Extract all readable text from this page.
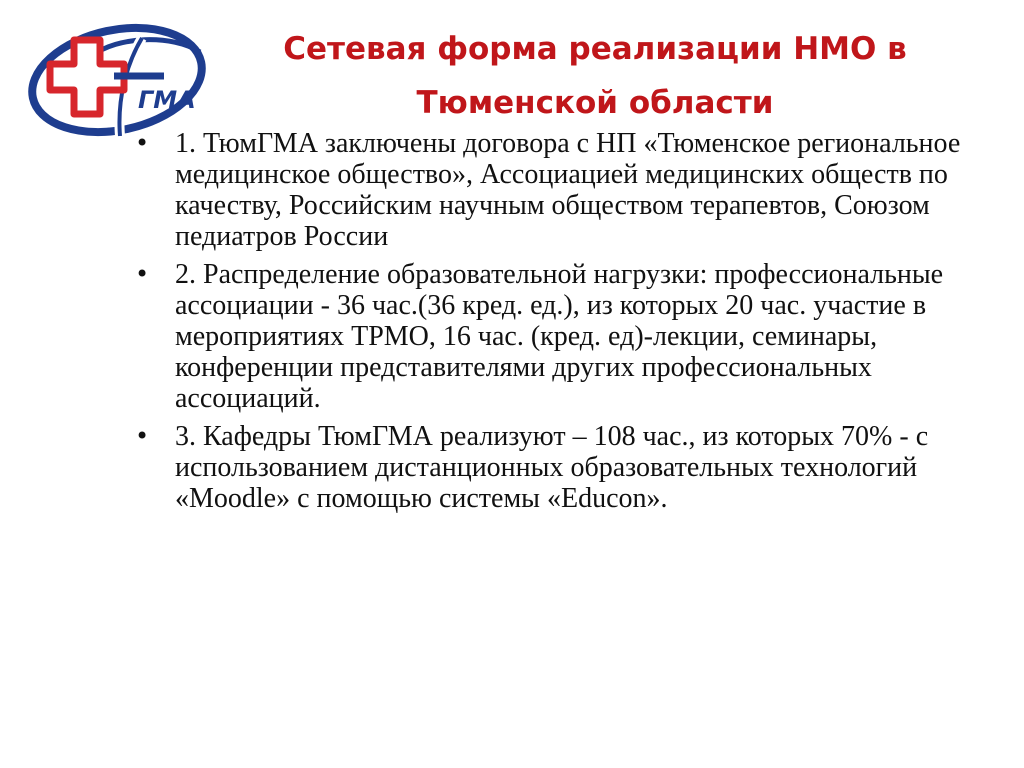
ГМА
Сетевая форма реализации НМО в
Тюменской области
• 1. ТюмГМА заключены договора с НП «Тюменское региональное медицинское общество», Ассоциацией медицинских обществ по качеству, Российским научным обществом терапевтов, Союзом педиатров России
• 2. Распределение образовательной нагрузки: профессиональные ассоциации - 36 час.(36 кред. ед.), из которых 20 час. участие в мероприятиях ТРМО, 16 час. (кред. ед)-лекции, семинары, конференции представителями других профессиональных ассоциаций.
• 3. Кафедры ТюмГМА реализуют – 108 час., из которых 70% - с использованием дистанционных образовательных технологий «Moodle» с помощью системы «Educon».
